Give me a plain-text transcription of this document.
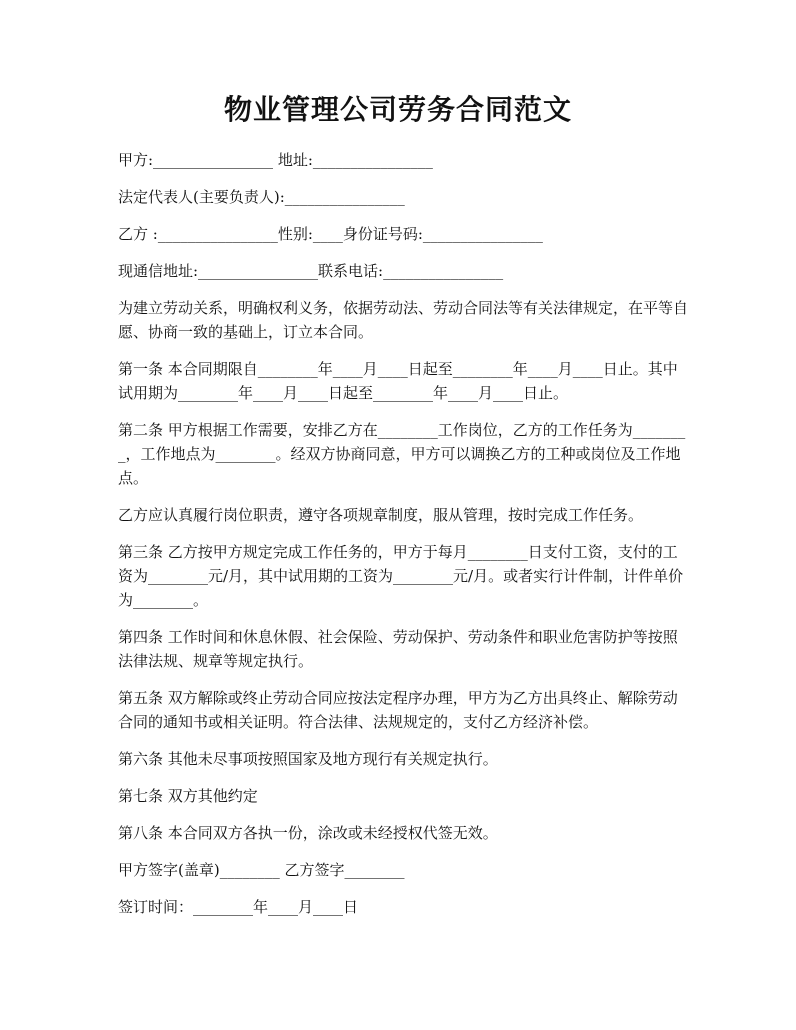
物业管理公司劳务合同范文

甲方:________________ 地址:________________

法定代表人(主要负责人):________________

乙方 :________________性别:____身份证号码:________________

现通信地址:________________联系电话:________________

为建立劳动关系，明确权利义务，依据劳动法、劳动合同法等有关法律规定，在平等自愿、协商一致的基础上，订立本合同。

第一条 本合同期限自________年____月____日起至________年____月____日止。其中试用期为________年____月____日起至________年____月____日止。

第二条 甲方根据工作需要，安排乙方在________工作岗位，乙方的工作任务为________，工作地点为________。经双方协商同意，甲方可以调换乙方的工种或岗位及工作地点。

乙方应认真履行岗位职责，遵守各项规章制度，服从管理，按时完成工作任务。

第三条 乙方按甲方规定完成工作任务的，甲方于每月________日支付工资，支付的工资为________元/月，其中试用期的工资为________元/月。或者实行计件制，计件单价为________。

第四条 工作时间和休息休假、社会保险、劳动保护、劳动条件和职业危害防护等按照法律法规、规章等规定执行。

第五条 双方解除或终止劳动合同应按法定程序办理，甲方为乙方出具终止、解除劳动合同的通知书或相关证明。符合法律、法规规定的，支付乙方经济补偿。

第六条 其他未尽事项按照国家及地方现行有关规定执行。

第七条 双方其他约定

第八条 本合同双方各执一份，涂改或未经授权代签无效。

甲方签字(盖章)________ 乙方签字________

签订时间：________年____月____日
